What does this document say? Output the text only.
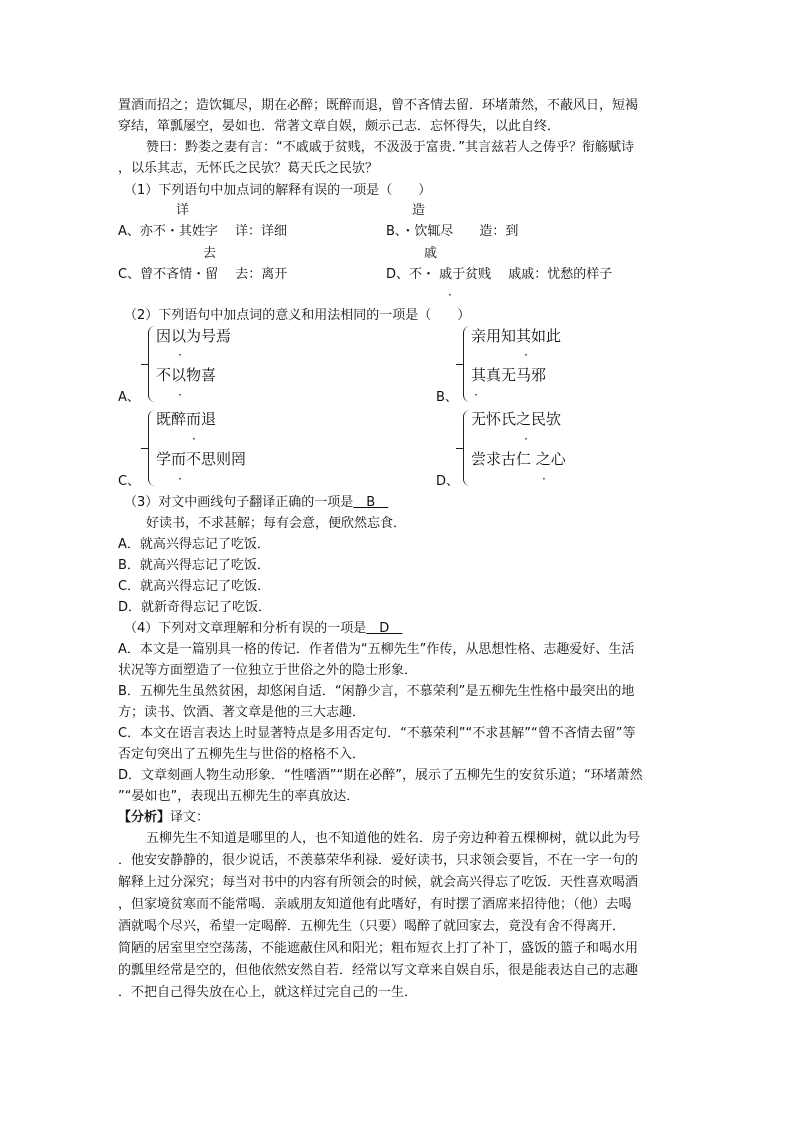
置酒而招之；造饮辄尽，期在必醉；既醉而退，曾不吝情去留．环堵萧然，不蔽风日，短褐
穿结，箪瓢屡空，晏如也．常著文章自娱，颇示己志．忘怀得失，以此自终．
赞曰：黔娄之妻有言：“不戚戚于贫贱，不汲汲于富贵．”其言兹若人之俦乎？衔觞赋诗
，以乐其志，无怀氏之民欤？葛天氏之民欤？
（1）下列语句中加点词的解释有误的一项是（　　）
详	造
A、亦不・其姓字　 详：详细	B、・饮辄尽　　造：到
去	戚
C、曾不吝情・留　 去：离开	D、不・ 戚于贫贱　 戚戚：忧愁的样子
·
（2）下列语句中加点词的意义和用法相同的一项是（　　）
因以为号焉
·
不以物喜
·
A、
亲用知其如此
·
其真无马邪
·
B、
既醉而退
·
学而不思则罔
·
C、
无怀氏之民欤
·
尝求古仁 之心
·
D、
（3）对文中画线句子翻译正确的一项是　B　
好读书，不求甚解；每有会意，便欣然忘食．
A．就高兴得忘记了吃饭．
B．就高兴得忘记了吃饭．
C．就高兴得忘记了吃饭．
D．就新奇得忘记了吃饭．
（4）下列对文章理解和分析有误的一项是　D　
A．本文是一篇别具一格的传记．作者借为“五柳先生”作传，从思想性格、志趣爱好、生活
状况等方面塑造了一位独立于世俗之外的隐士形象．
B．五柳先生虽然贫困，却悠闲自适．“闲静少言，不慕荣利”是五柳先生性格中最突出的地
方；读书、饮酒、著文章是他的三大志趣．
C．本文在语言表达上时显著特点是多用否定句．“不慕荣利”“不求甚解”“曾不吝情去留”等
否定句突出了五柳先生与世俗的格格不入．
D．文章刻画人物生动形象．“性嗜酒”“期在必醉”，展示了五柳先生的安贫乐道；“环堵萧然
”“晏如也”，表现出五柳先生的率真放达．
【分析】译文：
五柳先生不知道是哪里的人，也不知道他的姓名．房子旁边种着五棵柳树，就以此为号
．他安安静静的，很少说话，不羡慕荣华利禄．爱好读书，只求领会要旨，不在一字一句的
解释上过分深究；每当对书中的内容有所领会的时候，就会高兴得忘了吃饭．天性喜欢喝酒
，但家境贫寒而不能常喝．亲戚朋友知道他有此嗜好，有时摆了酒席来招待他；（他）去喝
酒就喝个尽兴，希望一定喝醉．五柳先生（只要）喝醉了就回家去，竟没有舍不得离开．
简陋的居室里空空荡荡，不能遮蔽住风和阳光；粗布短衣上打了补丁，盛饭的篮子和喝水用
的瓢里经常是空的，但他依然安然自若．经常以写文章来自娱自乐，很是能表达自己的志趣
．不把自己得失放在心上，就这样过完自己的一生．
